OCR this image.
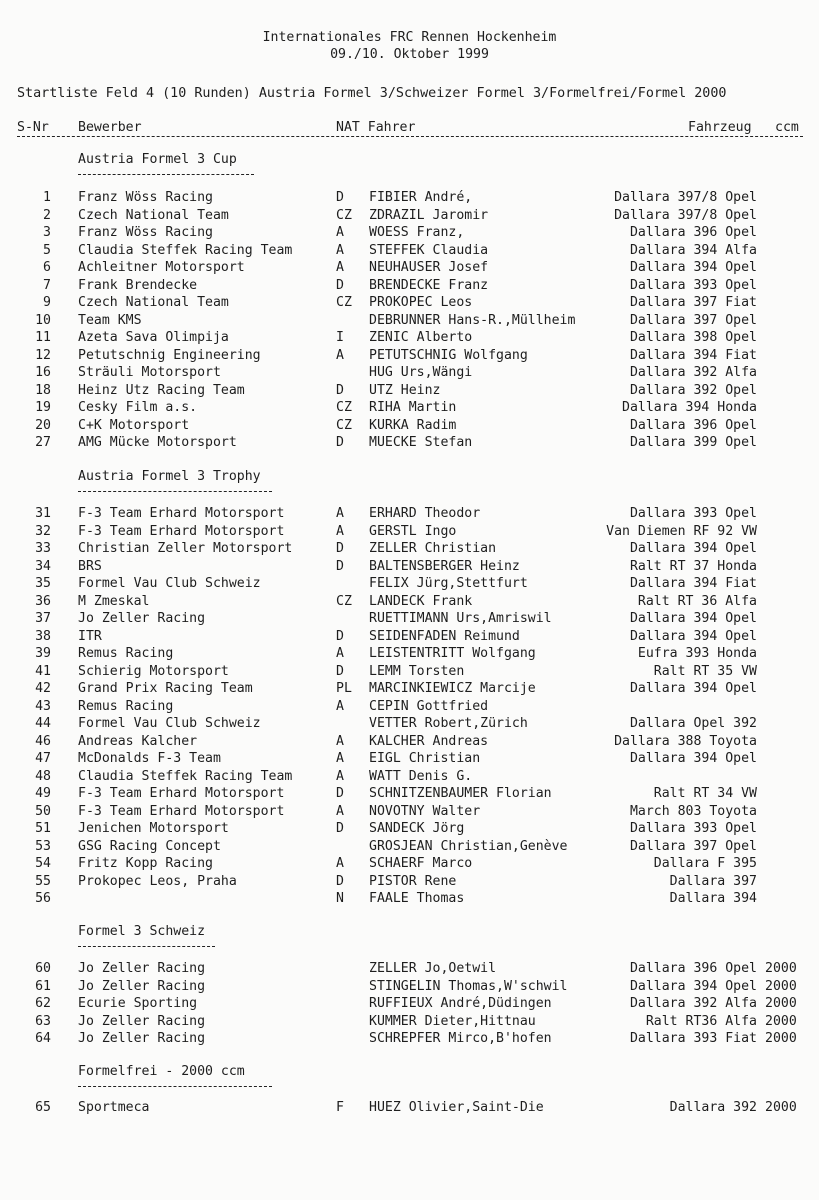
Internationales FRC Rennen Hockenheim
09./10. Oktober 1999
Startliste Feld 4 (10 Runden) Austria Formel 3/Schweizer Formel 3/Formelfrei/Formel 2000
S-Nr Bewerber	NAT Fahrer	Fahrzeug ccm
Austria Formel 3 Cup
1 Franz Wöss Racing	D FIBIER André,	Dallara 397/8 Opel
2 Czech National Team	CZ ZDRAZIL Jaromir	Dallara 397/8 Opel
3 Franz Wöss Racing	A WOESS Franz,	Dallara 396 Opel
5 Claudia Steffek Racing Team	A STEFFEK Claudia	Dallara 394 Alfa
6 Achleitner Motorsport	A NEUHAUSER Josef	Dallara 394 Opel
7 Frank Brendecke	D BRENDECKE Franz	Dallara 393 Opel
9 Czech National Team	CZ PROKOPEC Leos	Dallara 397 Fiat
10 Team KMS	DEBRUNNER Hans-R.,Müllheim	Dallara 397 Opel
11 Azeta Sava Olimpija	I ZENIC Alberto	Dallara 398 Opel
12 Petutschnig Engineering	A PETUTSCHNIG Wolfgang	Dallara 394 Fiat
16 Sträuli Motorsport	HUG Urs,Wängi	Dallara 392 Alfa
18 Heinz Utz Racing Team	D UTZ Heinz	Dallara 392 Opel
19 Cesky Film a.s.	CZ RIHA Martin	Dallara 394 Honda
20 C+K Motorsport	CZ KURKA Radim	Dallara 396 Opel
27 AMG Mücke Motorsport	D MUECKE Stefan	Dallara 399 Opel
Austria Formel 3 Trophy
31 F-3 Team Erhard Motorsport	A ERHARD Theodor	Dallara 393 Opel
32 F-3 Team Erhard Motorsport	A GERSTL Ingo	Van Diemen RF 92 VW
33 Christian Zeller Motorsport	D ZELLER Christian	Dallara 394 Opel
34 BRS	D BALTENSBERGER Heinz	Ralt RT 37 Honda
35 Formel Vau Club Schweiz	FELIX Jürg,Stettfurt	Dallara 394 Fiat
36 M Zmeskal	CZ LANDECK Frank	Ralt RT 36 Alfa
37 Jo Zeller Racing	RUETTIMANN Urs,Amriswil	Dallara 394 Opel
38 ITR	D SEIDENFADEN Reimund	Dallara 394 Opel
39 Remus Racing	A LEISTENTRITT Wolfgang	Eufra 393 Honda
41 Schierig Motorsport	D LEMM Torsten	Ralt RT 35 VW
42 Grand Prix Racing Team	PL MARCINKIEWICZ Marcije	Dallara 394 Opel
43 Remus Racing	A CEPIN Gottfried
44 Formel Vau Club Schweiz	VETTER Robert,Zürich	Dallara Opel 392
46 Andreas Kalcher	A KALCHER Andreas	Dallara 388 Toyota
47 McDonalds F-3 Team	A EIGL Christian	Dallara 394 Opel
48 Claudia Steffek Racing Team	A WATT Denis G.
49 F-3 Team Erhard Motorsport	D SCHNITZENBAUMER Florian	Ralt RT 34 VW
50 F-3 Team Erhard Motorsport	A NOVOTNY Walter	March 803 Toyota
51 Jenichen Motorsport	D SANDECK Jörg	Dallara 393 Opel
53 GSG Racing Concept	GROSJEAN Christian,Genève	Dallara 397 Opel
54 Fritz Kopp Racing	A SCHAERF Marco	Dallara F 395
55 Prokopec Leos, Praha	D PISTOR Rene	Dallara 397
56	N FAALE Thomas	Dallara 394
Formel 3 Schweiz
60 Jo Zeller Racing	ZELLER Jo,Oetwil	Dallara 396 Opel 2000
61 Jo Zeller Racing	STINGELIN Thomas,W'schwil	Dallara 394 Opel 2000
62 Ecurie Sporting	RUFFIEUX André,Düdingen	Dallara 392 Alfa 2000
63 Jo Zeller Racing	KUMMER Dieter,Hittnau	Ralt RT36 Alfa 2000
64 Jo Zeller Racing	SCHREPFER Mirco,B'hofen	Dallara 393 Fiat 2000
Formelfrei - 2000 ccm
65 Sportmeca	F HUEZ Olivier,Saint-Die	Dallara 392 2000
